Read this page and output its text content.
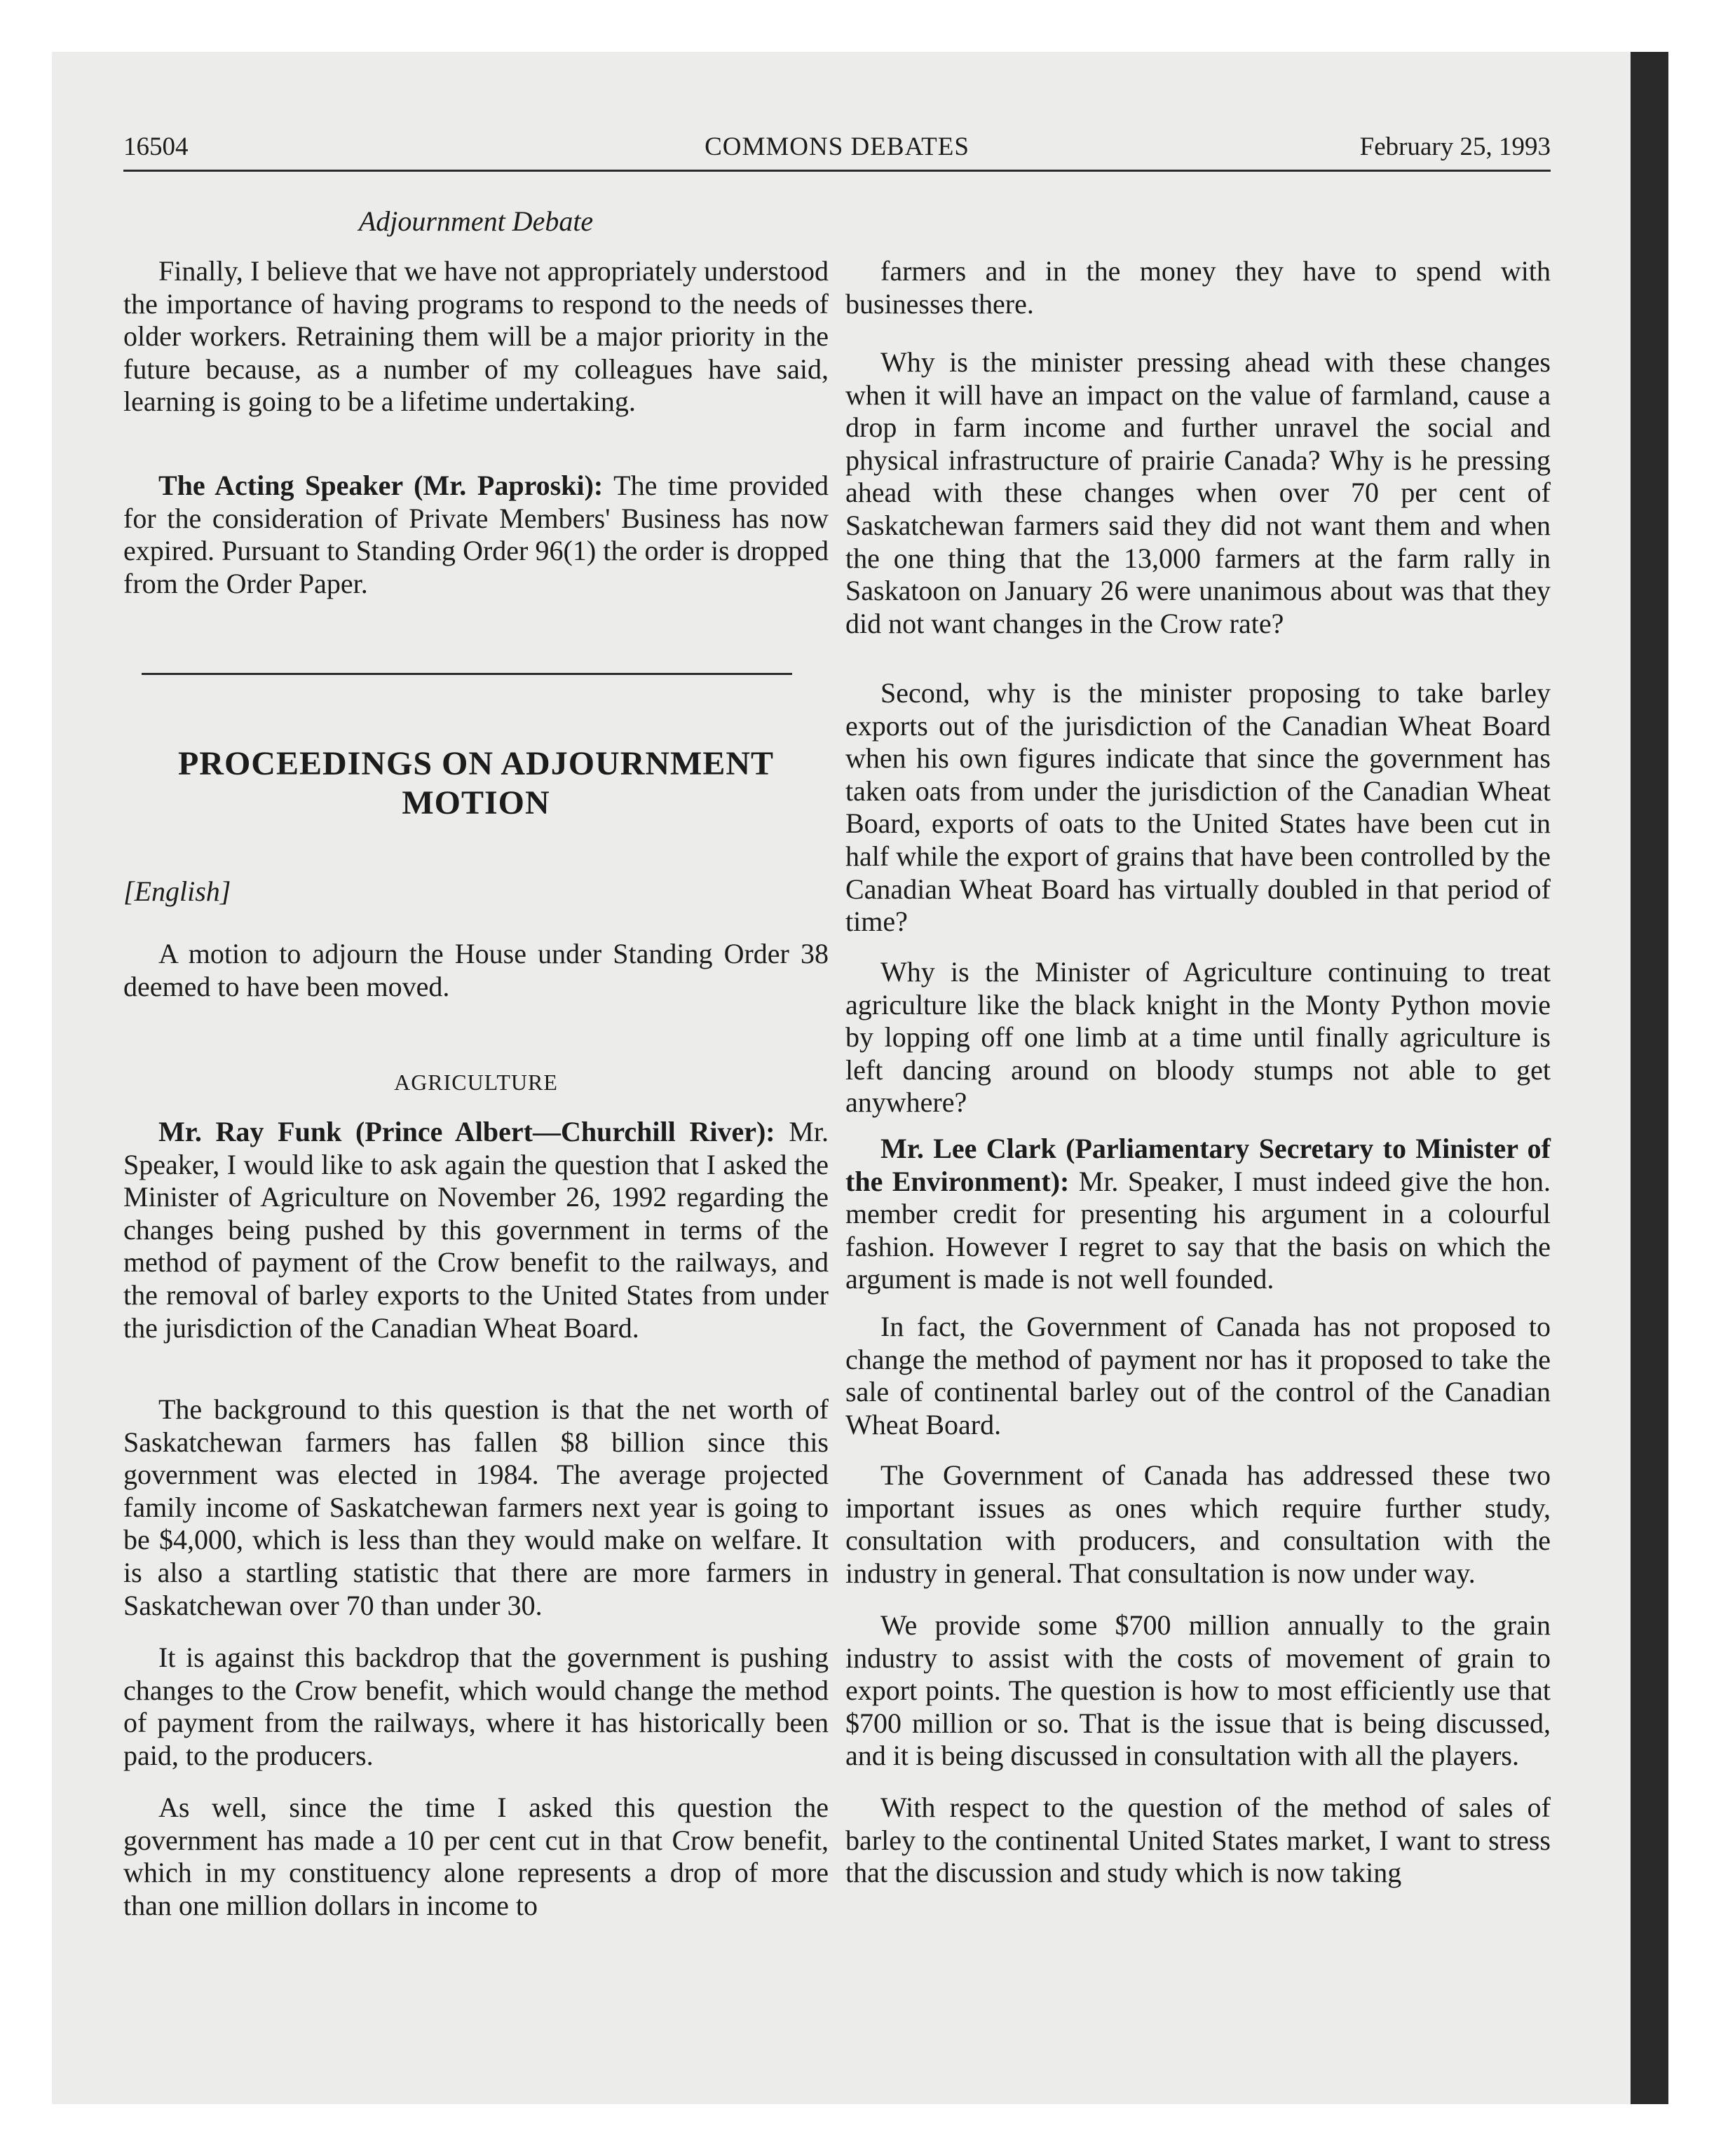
16504	COMMONS DEBATES	February 25, 1993
Adjournment Debate

Finally, I believe that we have not appropriately understood the importance of having programs to respond to the needs of older workers. Retraining them will be a major priority in the future because, as a number of my colleagues have said, learning is going to be a lifetime undertaking.

The Acting Speaker (Mr. Paproski): The time provided for the consideration of Private Members' Business has now expired. Pursuant to Standing Order 96(1) the order is dropped from the Order Paper.

A motion to adjourn the House under Standing Order 38 deemed to have been moved.

Mr. Ray Funk (Prince Albert—Churchill River): Mr. Speaker, I would like to ask again the question that I asked the Minister of Agriculture on November 26, 1992 regarding the changes being pushed by this government in terms of the method of payment of the Crow benefit to the railways, and the removal of barley exports to the United States from under the jurisdiction of the Canadian Wheat Board.

The background to this question is that the net worth of Saskatchewan farmers has fallen $8 billion since this government was elected in 1984. The average projected family income of Saskatchewan farmers next year is going to be $4,000, which is less than they would make on welfare. It is also a startling statistic that there are more farmers in Saskatchewan over 70 than under 30.

It is against this backdrop that the government is pushing changes to the Crow benefit, which would change the method of payment from the railways, where it has historically been paid, to the producers.

As well, since the time I asked this question the government has made a 10 per cent cut in that Crow benefit, which in my constituency alone represents a drop of more than one million dollars in income to

PROCEEDINGS ON ADJOURNMENT MOTION
[English]
AGRICULTURE

farmers and in the money they have to spend with businesses there.

Why is the minister pressing ahead with these changes when it will have an impact on the value of farmland, cause a drop in farm income and further unravel the social and physical infrastructure of prairie Canada? Why is he pressing ahead with these changes when over 70 per cent of Saskatchewan farmers said they did not want them and when the one thing that the 13,000 farmers at the farm rally in Saskatoon on January 26 were unanimous about was that they did not want changes in the Crow rate?

Second, why is the minister proposing to take barley exports out of the jurisdiction of the Canadian Wheat Board when his own figures indicate that since the government has taken oats from under the jurisdiction of the Canadian Wheat Board, exports of oats to the United States have been cut in half while the export of grains that have been controlled by the Canadian Wheat Board has virtually doubled in that period of time?

Why is the Minister of Agriculture continuing to treat agriculture like the black knight in the Monty Python movie by lopping off one limb at a time until finally agriculture is left dancing around on bloody stumps not able to get anywhere?

Mr. Lee Clark (Parliamentary Secretary to Minister of the Environment): Mr. Speaker, I must indeed give the hon. member credit for presenting his argument in a colourful fashion. However I regret to say that the basis on which the argument is made is not well founded.

In fact, the Government of Canada has not proposed to change the method of payment nor has it proposed to take the sale of continental barley out of the control of the Canadian Wheat Board.

The Government of Canada has addressed these two important issues as ones which require further study, consultation with producers, and consultation with the industry in general. That consultation is now under way.

We provide some $700 million annually to the grain industry to assist with the costs of movement of grain to export points. The question is how to most efficiently use that $700 million or so. That is the issue that is being discussed, and it is being discussed in consultation with all the players.

With respect to the question of the method of sales of barley to the continental United States market, I want to stress that the discussion and study which is now taking
